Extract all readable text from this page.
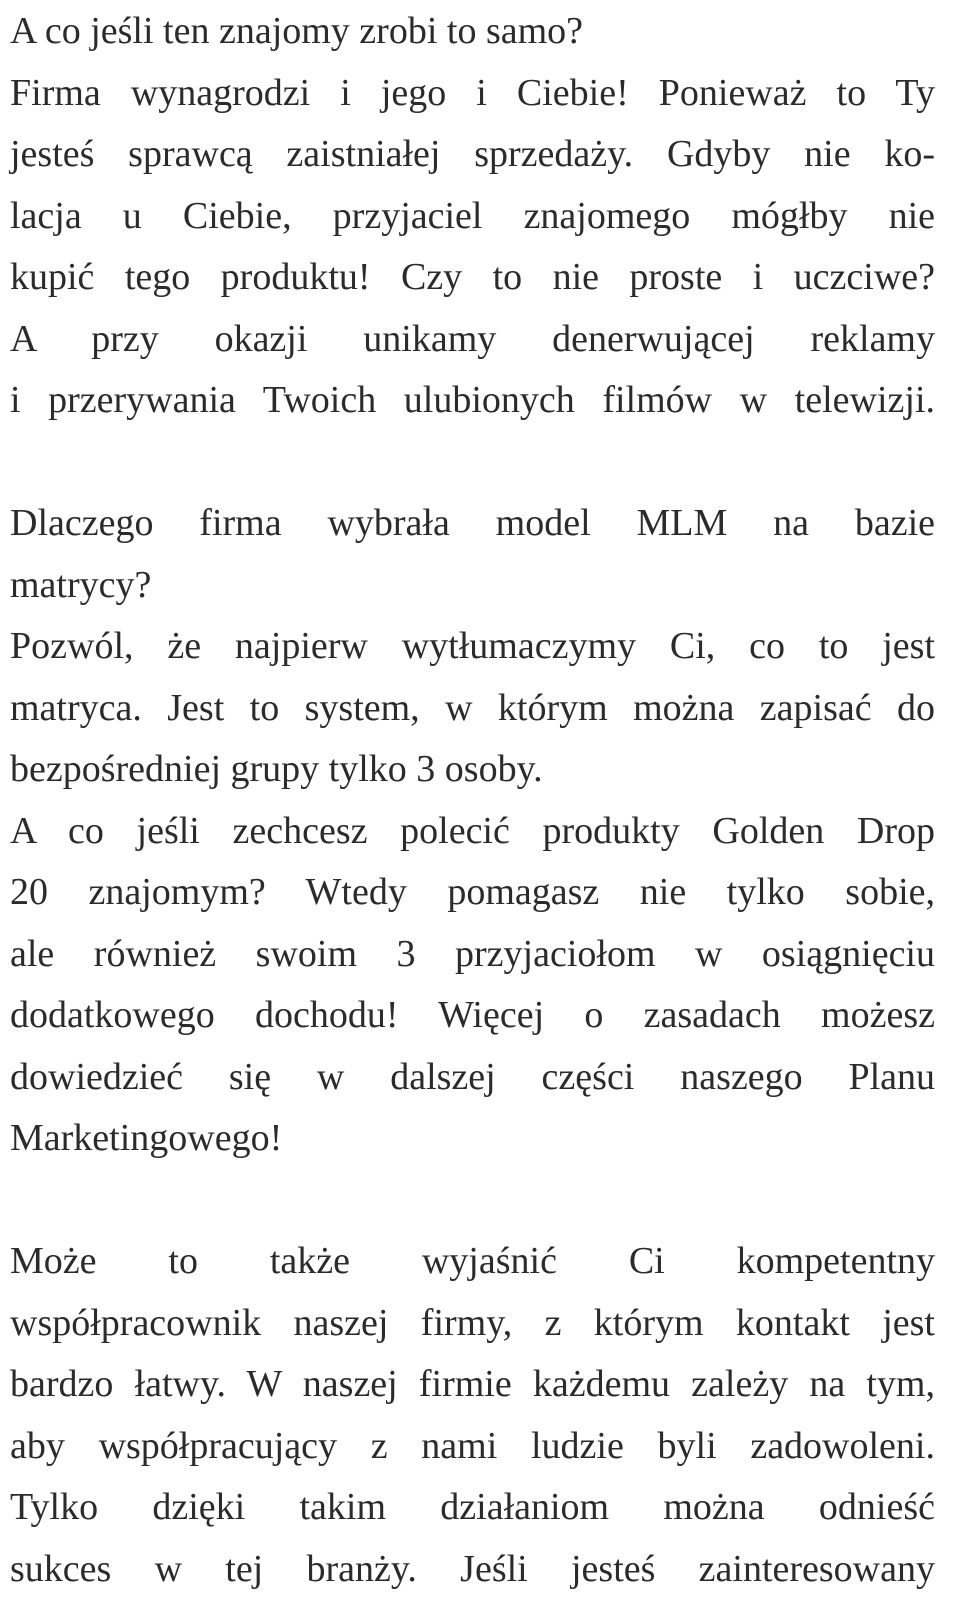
A co jeśli ten znajomy zrobi to samo?
Firma wynagrodzi i jego i Ciebie! Ponieważ to Ty
jesteś sprawcą zaistniałej sprzedaży. Gdyby nie ko-
lacja u Ciebie, przyjaciel znajomego mógłby nie
kupić tego produktu! Czy to nie proste i uczciwe?
A przy okazji unikamy denerwującej reklamy
i przerywania Twoich ulubionych filmów w telewizji.
Dlaczego firma wybrała model MLM na bazie
matrycy?
Pozwól, że najpierw wytłumaczymy Ci, co to jest
matryca. Jest to system, w którym można zapisać do
bezpośredniej grupy tylko 3 osoby.
A co jeśli zechcesz polecić produkty Golden Drop
20 znajomym? Wtedy pomagasz nie tylko sobie,
ale również swoim 3 przyjaciołom w osiągnięciu
dodatkowego dochodu! Więcej o zasadach możesz
dowiedzieć się w dalszej części naszego Planu
Marketingowego!
Może to także wyjaśnić Ci kompetentny
współpracownik naszej firmy, z którym kontakt jest
bardzo łatwy. W naszej firmie każdemu zależy na tym,
aby współpracujący z nami ludzie byli zadowoleni.
Tylko dzięki takim działaniom można odnieść
sukces w tej branży. Jeśli jesteś zainteresowany
